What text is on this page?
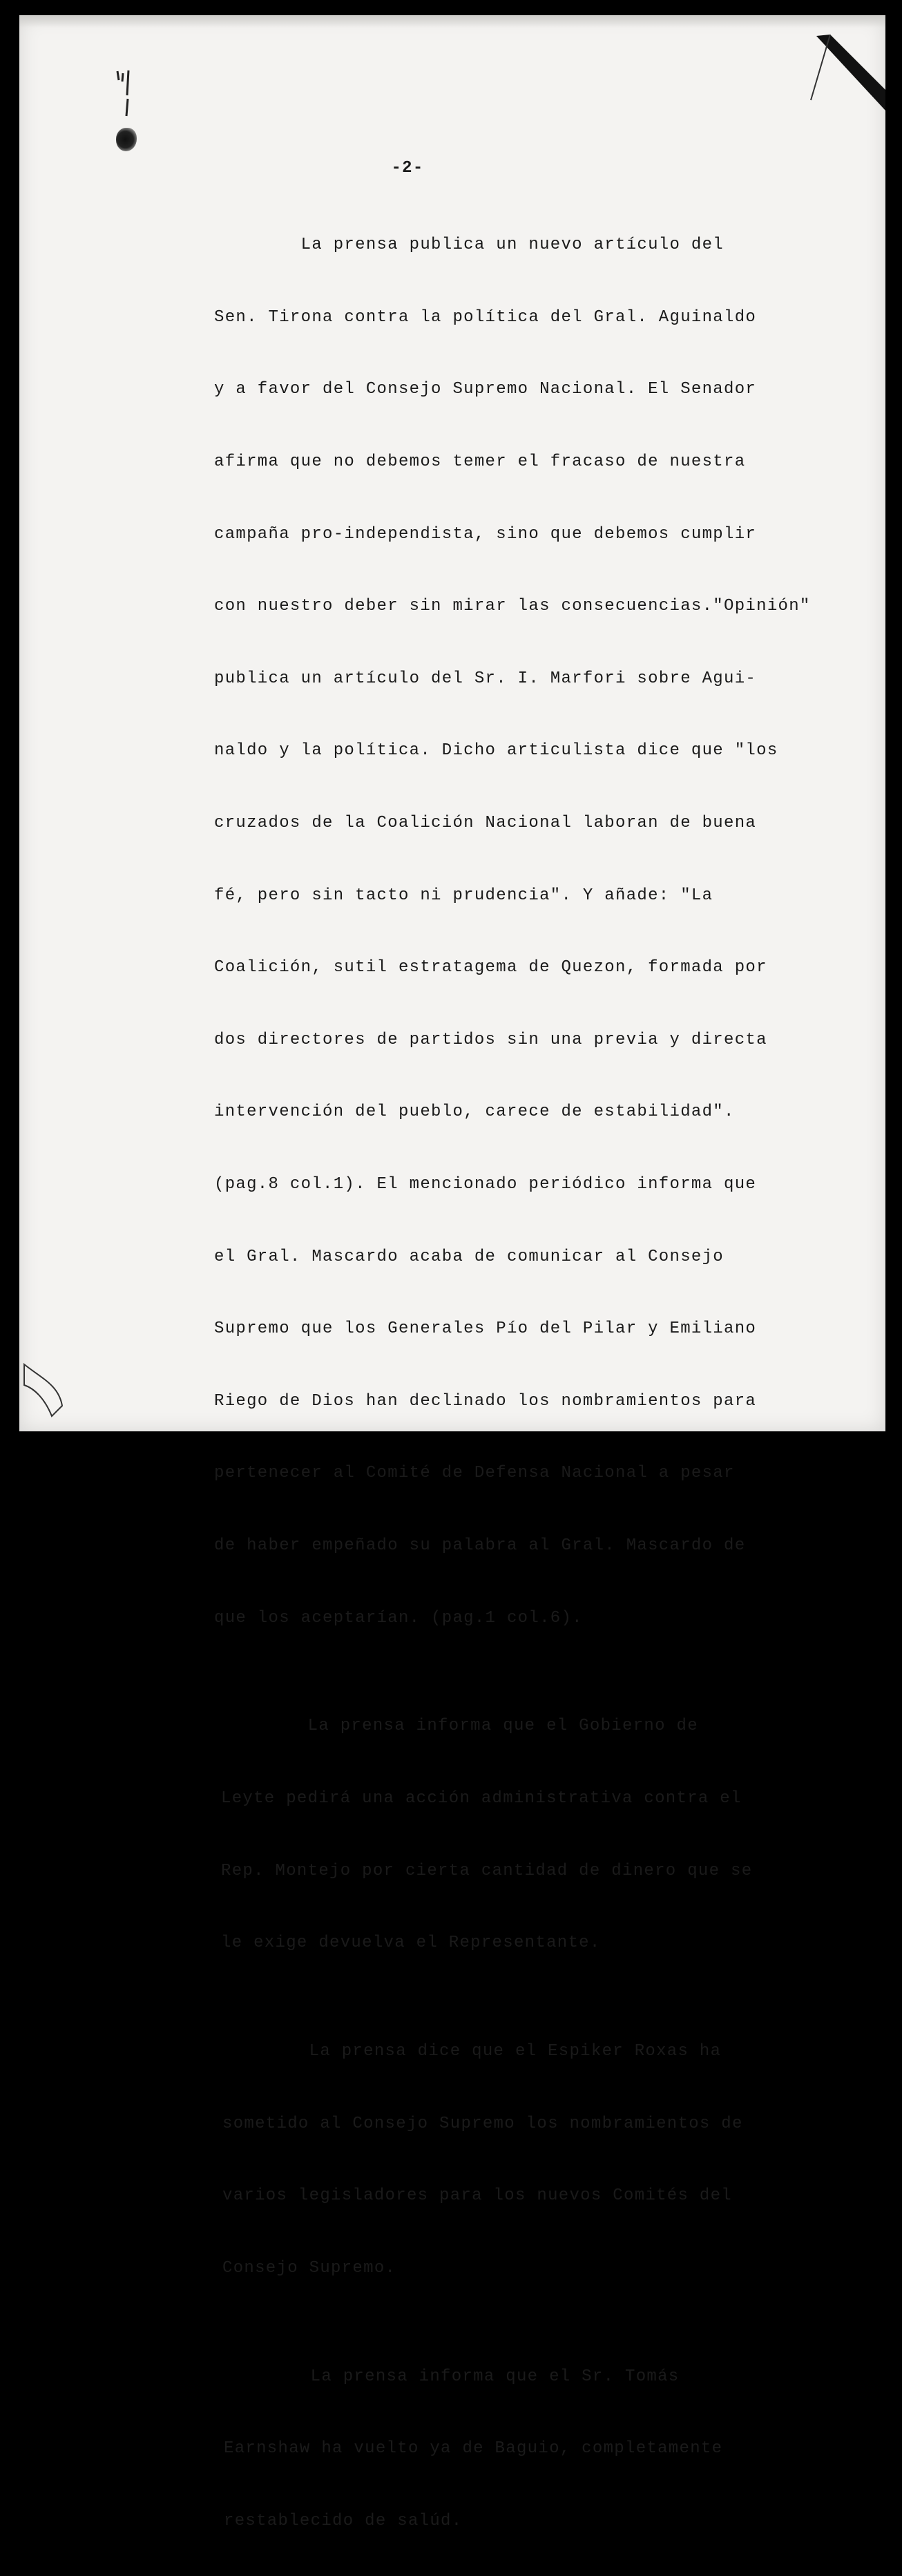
-2-

La prensa publica un nuevo artículo del

Sen. Tirona contra la política del Gral. Aguinaldo

y a favor del Consejo Supremo Nacional. El Senador

afirma que no debemos temer el fracaso de nuestra

campaña pro-independista, sino que debemos cumplir

con nuestro deber sin mirar las consecuencias."Opinión"

publica un artículo del Sr. I. Marfori sobre Agui-

naldo y la política. Dicho articulista dice que "los

cruzados de la Coalición Nacional laboran de buena

fé, pero sin tacto ni prudencia". Y añade: "La

Coalición, sutil estratagema de Quezon, formada por

dos directores de partidos sin una previa y directa

intervención del pueblo, carece de estabilidad".

(pag.8 col.1). El mencionado periódico informa que

el Gral. Mascardo acaba de comunicar al Consejo

Supremo que los Generales Pío del Pilar y Emiliano

Riego de Dios han declinado los nombramientos para

pertenecer al Comité de Defensa Nacional a pesar

de haber empeñado su palabra al Gral. Mascardo de

que los aceptarían. (pag.1 col.6).

La prensa informa que el Gobierno de

Leyte pedirá una acción administrativa contra el

Rep. Montejo por cierta cantidad de dinero que se

le exige devuelva el Representante.

La prensa dice que el Espiker Roxas ha

sometido al Consejo Supremo los nombramientos de

varios legisladores para los nuevos Comités del

Consejo Supremo.

La prensa informa que el Sr. Tomás

Earnshaw ha vuelto ya de Baguio, completamente

restablecido de salúd.
